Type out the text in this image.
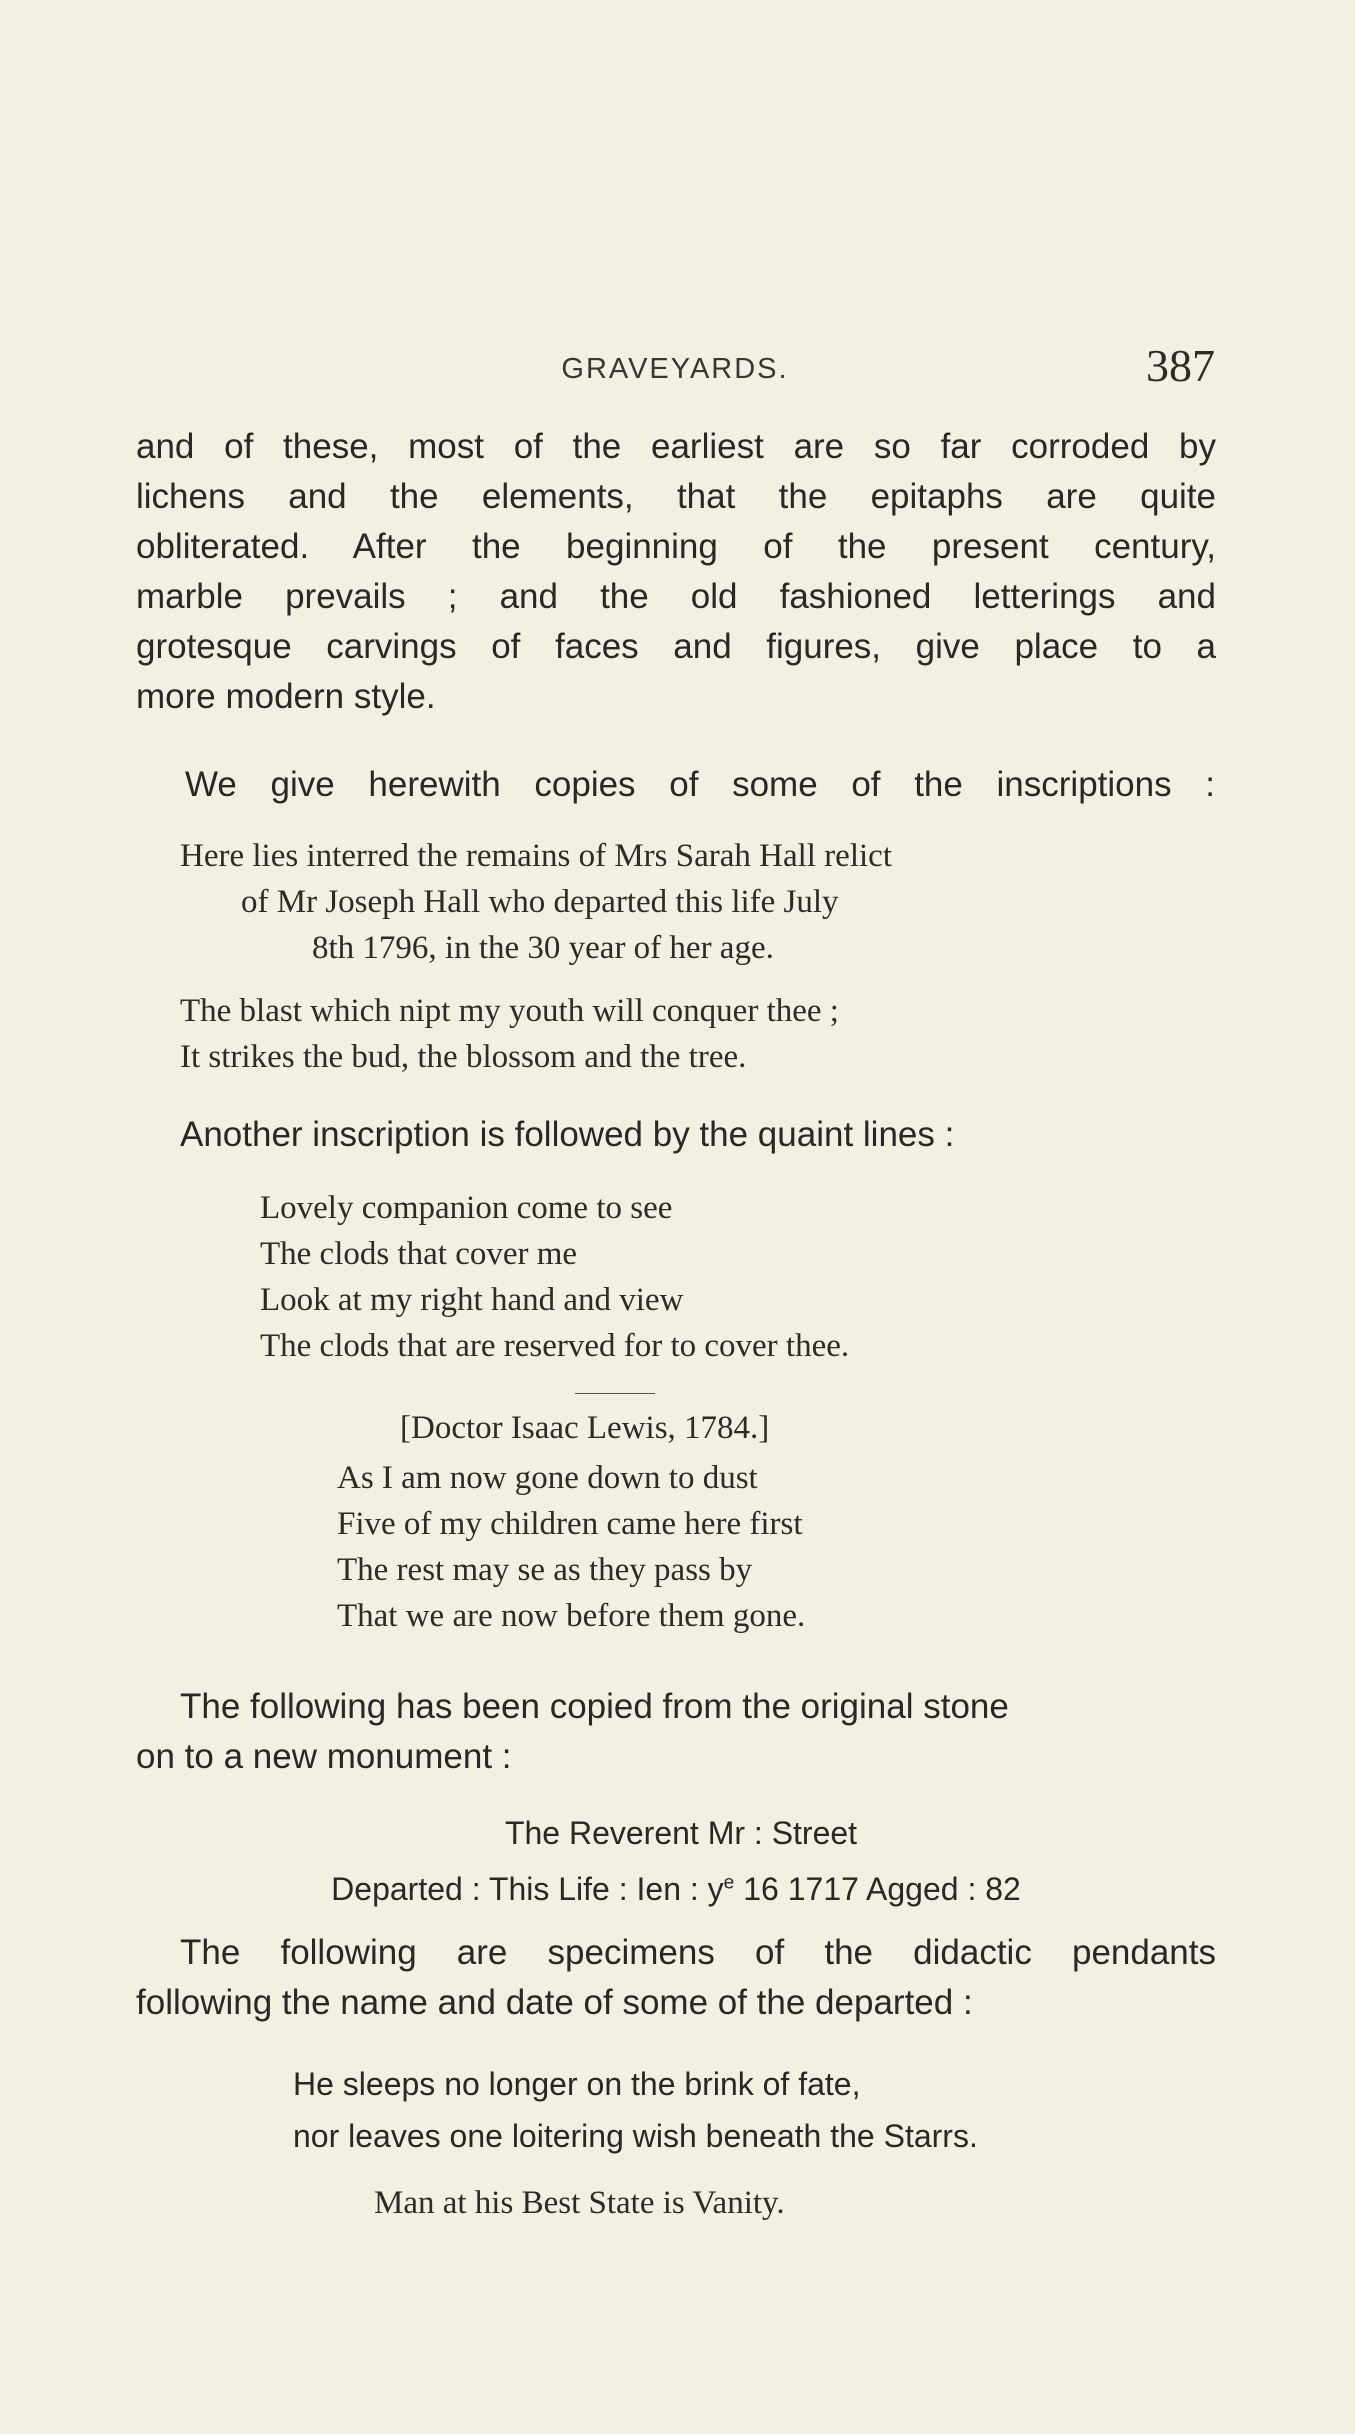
GRAVEYARDS.	387
and of these, most of the earliest are so far corroded by
lichens and the elements, that the epitaphs are quite
obliterated. After the beginning of the present century,
marble prevails ; and the old fashioned letterings and
grotesque carvings of faces and figures, give place to a
more modern style.
We give herewith copies of some of the inscriptions :
Here lies interred the remains of Mrs Sarah Hall relict
of Mr Joseph Hall who departed this life July
8th 1796, in the 30 year of her age.
The blast which nipt my youth will conquer thee ;
It strikes the bud, the blossom and the tree.
Another inscription is followed by the quaint lines :
Lovely companion come to see
The clods that cover me
Look at my right hand and view
The clods that are reserved for to cover thee.
[Doctor Isaac Lewis, 1784.]
As I am now gone down to dust
Five of my children came here first
The rest may se as they pass by
That we are now before them gone.
The following has been copied from the original stone
on to a new monument :
The Reverent Mr : Street
Departed : This Life : Ien : $y^e$ 16 1717 Agged : 82
The following are specimens of the didactic pendants
following the name and date of some of the departed :
He sleeps no longer on the brink of fate,
nor leaves one loitering wish beneath the Starrs.
Man at his Best State is Vanity.
